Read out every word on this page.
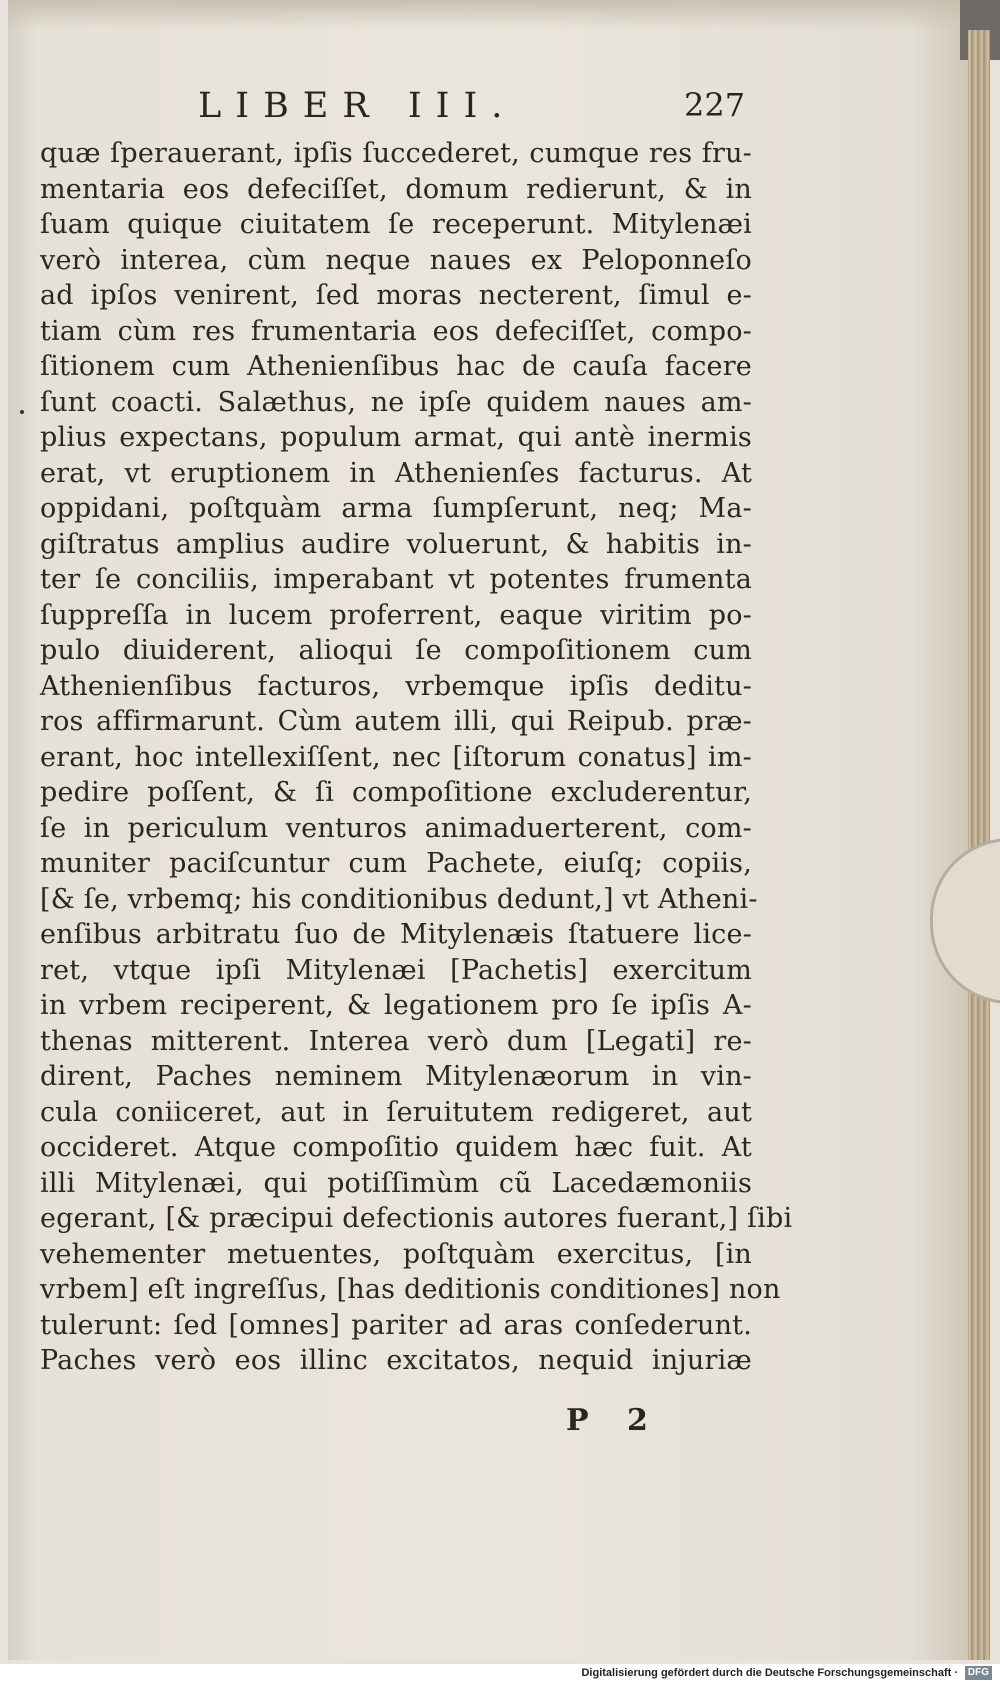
LIBER III.	227
quæ ſperauerant, ipſis ſuccederet, cumque res fru-
mentaria eos defeciſſet, domum redierunt, & in
ſuam quique ciuitatem ſe receperunt. Mitylenæi
verò interea, cùm neque naues ex Peloponneſo
ad ipſos venirent, ſed moras necterent, ſimul e-
tiam cùm res frumentaria eos defeciſſet, compo-
ſitionem cum Athenienſibus hac de cauſa facere
ſunt coacti. Salæthus, ne ipſe quidem naues am-
plius expectans, populum armat, qui antè inermis
erat, vt eruptionem in Athenienſes facturus. At
oppidani, poſtquàm arma ſumpſerunt, neq; Ma-
giſtratus amplius audire voluerunt, & habitis in-
ter ſe conciliis, imperabant vt potentes frumenta
ſuppreſſa in lucem proferrent, eaque viritim po-
pulo diuiderent, alioqui ſe compoſitionem cum
Athenienſibus facturos, vrbemque ipſis deditu-
ros affirmarunt. Cùm autem illi, qui Reipub. præ-
erant, hoc intellexiſſent, nec [iſtorum conatus] im-
pedire poſſent, & ſi compoſitione excluderentur,
ſe in periculum venturos animaduerterent, com-
muniter paciſcuntur cum Pachete, eiuſq; copiis,
[& ſe, vrbemq; his conditionibus dedunt,] vt Atheni-
enſibus arbitratu ſuo de Mitylenæis ſtatuere lice-
ret, vtque ipſi Mitylenæi [Pachetis] exercitum
in vrbem reciperent, & legationem pro ſe ipſis A-
thenas mitterent. Interea verò dum [Legati] re-
dirent, Paches neminem Mitylenæorum in vin-
cula coniiceret, aut in ſeruitutem redigeret, aut
occideret. Atque compoſitio quidem hæc fuit. At
illi Mitylenæi, qui potiſſimùm cũ Lacedæmoniis
egerant, [& præcipui defectionis autores fuerant,] ſibi
vehementer metuentes, poſtquàm exercitus, [in
vrbem] eſt ingreſſus, [has deditionis conditiones] non
tulerunt: ſed [omnes] pariter ad aras conſederunt.
Paches verò eos illinc excitatos, nequid injuriæ
P 2
Digitalisierung gefördert durch die Deutsche Forschungsgemeinschaft · DFG
